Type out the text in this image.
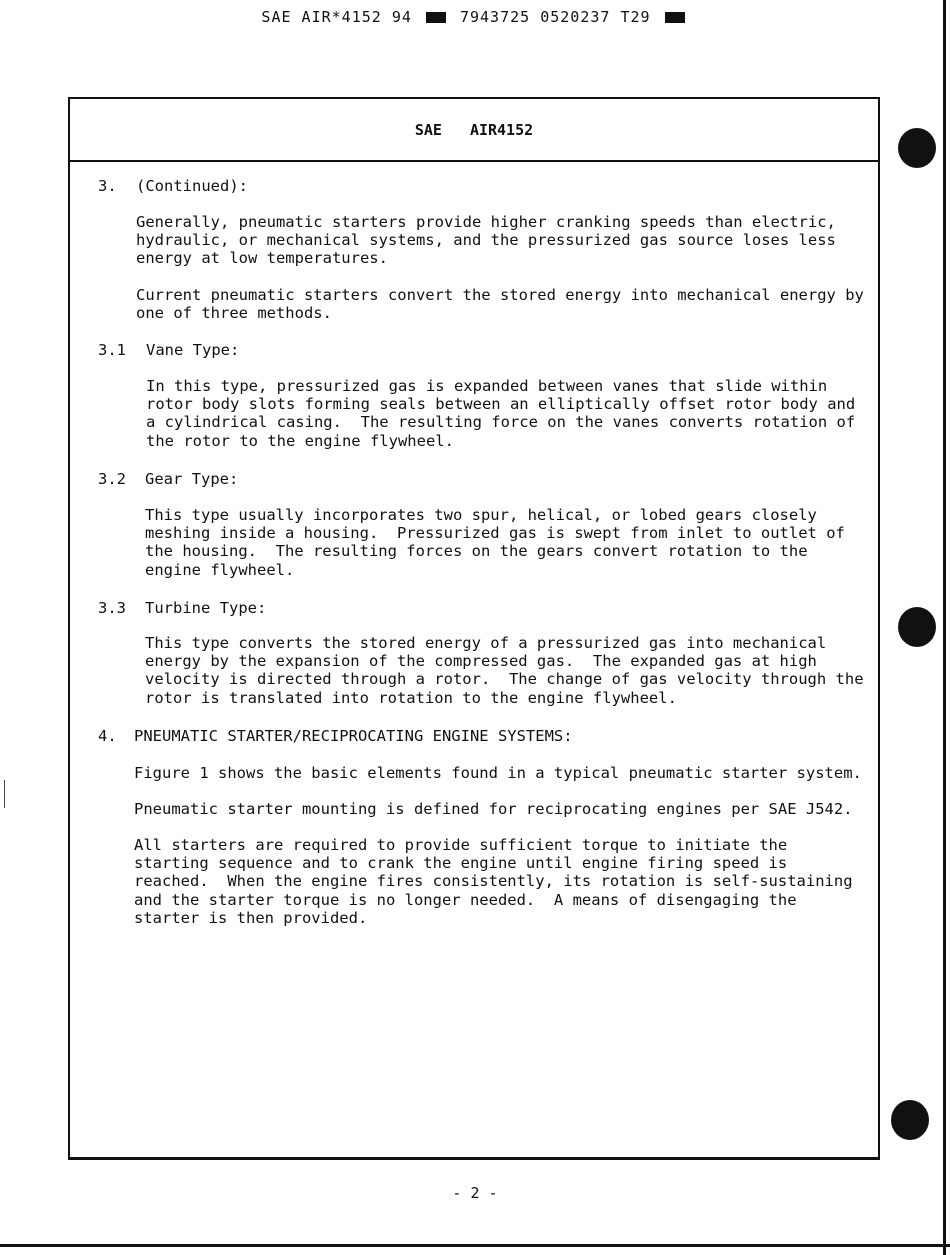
SAE AIR*4152 94	7943725 0520237 T29
SAE AIR4152
3. (Continued):
Generally, pneumatic starters provide higher cranking speeds than electric,
hydraulic, or mechanical systems, and the pressurized gas source loses less
energy at low temperatures.
Current pneumatic starters convert the stored energy into mechanical energy by
one of three methods.
3.1 Vane Type:
In this type, pressurized gas is expanded between vanes that slide within
rotor body slots forming seals between an elliptically offset rotor body and
a cylindrical casing.  The resulting force on the vanes converts rotation of
the rotor to the engine flywheel.
3.2 Gear Type:
This type usually incorporates two spur, helical, or lobed gears closely
meshing inside a housing.  Pressurized gas is swept from inlet to outlet of
the housing.  The resulting forces on the gears convert rotation to the
engine flywheel.
3.3 Turbine Type:
This type converts the stored energy of a pressurized gas into mechanical
energy by the expansion of the compressed gas.  The expanded gas at high
velocity is directed through a rotor.  The change of gas velocity through the
rotor is translated into rotation to the engine flywheel.
4. PNEUMATIC STARTER/RECIPROCATING ENGINE SYSTEMS:
Figure 1 shows the basic elements found in a typical pneumatic starter system.
Pneumatic starter mounting is defined for reciprocating engines per SAE J542.
All starters are required to provide sufficient torque to initiate the
starting sequence and to crank the engine until engine firing speed is
reached.  When the engine fires consistently, its rotation is self-sustaining
and the starter torque is no longer needed.  A means of disengaging the
starter is then provided.
- 2 -
